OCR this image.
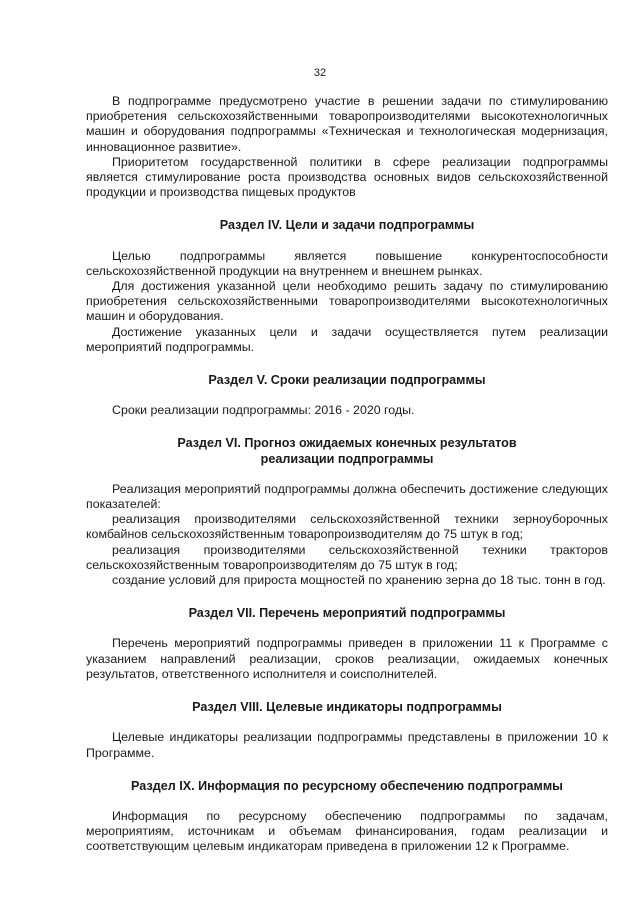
32

В подпрограмме предусмотрено участие в решении задачи по стимулированию приобретения сельскохозяйственными товаропроизводителями высокотехнологичных машин и оборудования подпрограммы «Техническая и технологическая модернизация, инновационное развитие».

Приоритетом государственной политики в сфере реализации подпрограммы является стимулирование роста производства основных видов сельскохозяйственной продукции и производства пищевых продуктов

Раздел IV. Цели и задачи подпрограммы

Целью подпрограммы является повышение конкурентоспособности сельскохозяйственной продукции на внутреннем и внешнем рынках.

Для достижения указанной цели необходимо решить задачу по стимулированию приобретения сельскохозяйственными товаропроизводителями высокотехнологичных машин и оборудования.

Достижение указанных цели и задачи осуществляется путем реализации мероприятий подпрограммы.

Раздел V. Сроки реализации подпрограммы

Сроки реализации подпрограммы: 2016 - 2020 годы.

Раздел VI. Прогноз ожидаемых конечных результатов реализации подпрограммы

Реализация мероприятий подпрограммы должна обеспечить достижение следующих показателей:

реализация производителями сельскохозяйственной техники зерноуборочных комбайнов сельскохозяйственным товаропроизводителям до 75 штук в год;

реализация производителями сельскохозяйственной техники тракторов сельскохозяйственным товаропроизводителям до 75 штук в год;

создание условий для прироста мощностей по хранению зерна до 18 тыс. тонн в год.

Раздел VII. Перечень мероприятий подпрограммы

Перечень мероприятий подпрограммы приведен в приложении 11 к Программе с указанием направлений реализации, сроков реализации, ожидаемых конечных результатов, ответственного исполнителя и соисполнителей.

Раздел VIII. Целевые индикаторы подпрограммы

Целевые индикаторы реализации подпрограммы представлены в приложении 10 к Программе.

Раздел IX. Информация по ресурсному обеспечению подпрограммы

Информация по ресурсному обеспечению подпрограммы по задачам, мероприятиям, источникам и объемам финансирования, годам реализации и соответствующим целевым индикаторам приведена в приложении 12 к Программе.
